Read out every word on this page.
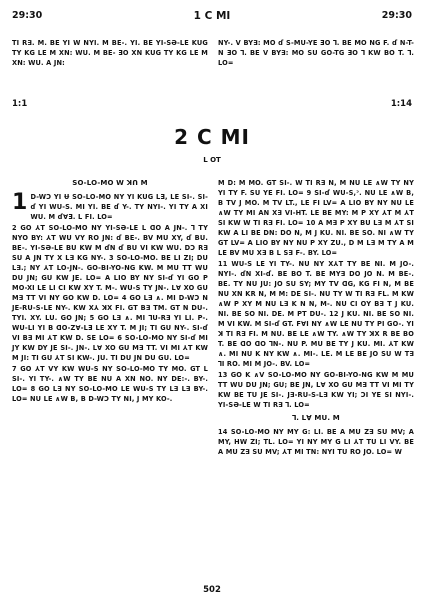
29:30	1 C MI	29:30
TI R∃. M. BE YI W NYI. M BE-. YI. BE YI-SƏ-LE KUG TY KG LE M XN: WU. M BE- ƎO XN KUG TY KG LE M XN: WU. A JN:
NY-. V BY∃: MO ɗ S-MU-YE ƎO ꓶ. BE MO NG F. ɗ N-T-N ƎO ꓶ. BE V BY∃: MO SU GO-TG ƎO ꓶ KW BO T. ꓶ. LO=
1:1	1:14
2 C MI
L OT
SO-LO-MO W ꓘꓵ M

1 D-WƆ YI Ʉ SO-LO-MO NY YI KUG LƎ, LE SI-. SI-ɗ YI WU-S. MI YI. BE ɗ Y-. TY NYI-. YI TY A XI WU. M ɗ∀Ǝ. L FI. LO=

2 GO ⅄T SO-LO-MO NY YI-SƏ-LE L ꓷO A JN-. ꓶ TY NYO BY: ⅄T WU VY RO JN: ɗ BE-. BV MU XY, ɗ BU. BE-. YI-SƏ-LE BU KW M ɗN ɗ BU VI KW WU. DƆ R∃ SU A JN TY X L∃ KG NY-. 3 SO-LO-MO. BE LI ZI; DU L∃.; NY ⅄T LO-JN-. GO-BI-YO-NG KW. M MU TT WU DU JN; GU KW JE. LO= A LIO BY NY SI-ɗ YI GO P MO-XI LE LI CI KW XY T. M-. WU-S TY JN-. L∀ XO GU M∃ TT VI NY GO KW D. LO= 4 GO L∃ ∧. MI D-WƆ N JE-RU-S-LE NY-. KW X⅄ ꓘX FI. GT B∃ TM. GT N DU-. TYI. XY. LU. GO JN; 5 GO L∃ ∧. MI ꓶU-R∃ YI LI. P-. WU-LI YI B ꓷO-Z∀-LƎ LE XY T. M JI; TI GU NY-. SI-ɗ VI B∃ MI ⅄T KW D. SE LO= 6 SO-LO-MO NY SI-ɗ MI JY KW DY JE SI-. JN-. L∀ XO GU M∃ TT. VI MI ⅄T KW M JI: TI GU ⅄T SI KW-. JU. TI DU JN DU GU. LO=

7 GO ⅄T VY KW WU-S NY SO-LO-MO TY MO. GT L SI-. YI TY-. ∧W TY BE NU A XN NO. NY DE:-. BY-. LO= 8 GO L∃ NY SO-LO-MO LE WU-S TY L∃ L∃ BY-. LO= NU LE ∧W B, B D-WƆ TY NI, J MY KO-.

M D: M MO. GT SI-. W TI R∃ N, M NU LE ∧W TY NY YI TY F. SU YE FI. LO= 9 SI-ɗ WU-S,ᵓ. NU LE ∧W B, B TV J MO. M TV LT., LE FI LV= A LIO BY NY NU LE ∧W TY MI AN X∃ VI-HT. LE BE MY: M P XY ⅄T M ⅄T SI KW W TI R∃ FI. LO= 10 A M∃ P XY BU L∃ M ⅄T SI KW A LI BE DN: DO N, M J KU. NI. BE SO. NI ∧W TY GT LV= A LIO BY NY NU P XY ZU., D M L∃ M TY A M LE BV MU X∃ B L S∃ F-. BY. LO=

11 WU-S LE YI TY-. NU NY X⅄T TY BE NI. M JO-. NYI-. ɗN XI-ɗ. BE BO T. BE MY∃ DO JO N. M BE-. BE. TY NU JU: JO SU SY; MY TV ꓷG, KG FI N, M BE NU XN KR N, M M: DE SI-. NU TY W TI R∃ FL. M KW ∧W P XY M NU L∃ K N N, M-. NU CI OY B∃ T J KU. NI. BE SO NI. DE. M PT DU-. 12 J KU. NI. BE SO NI. M VI KW. M SI-ɗ GT. F∀I NY ∧W LE NU TY PI GO-. YI ꓘ TI R∃ FI. M NU. BE LE ∧W TY. ∧W TY ꓘX R BE BO T. BE ꓷO ꓷO ꓶN-. NU P. MU BE TY J KU. MI. ⅄T KW ∧. MI NU K NY KW ∧. MI-. LE. M LE BE JO SU W T∃ ꓶI RO. MI M JO-. BV. LO=

13 GO K ∧V SO-LO-MO NY GO-BI-YO-NG KW M MU TT WU DU JN; GU; BE JN, L∀ XO GU M∃ TT VI MI TY KW BE TU JE SI-. J∃-RU-S-L∃ KW YI; ƆI YE SI NYI-. YI-SƏ-LE W TI R∃ ꓶ. LO=

ꓶ. L∀ MU. M

14 SO-LO-MO NY MY G: LI. BE A MU Z∃ SU MV; A MY, HW ZI; TL. LO= YI NY MY G LI ⅄T TU LI VY. BE A MU Z∃ SU MV; ⅄T MI TN: NYI TU RO JO. LO= W

502
